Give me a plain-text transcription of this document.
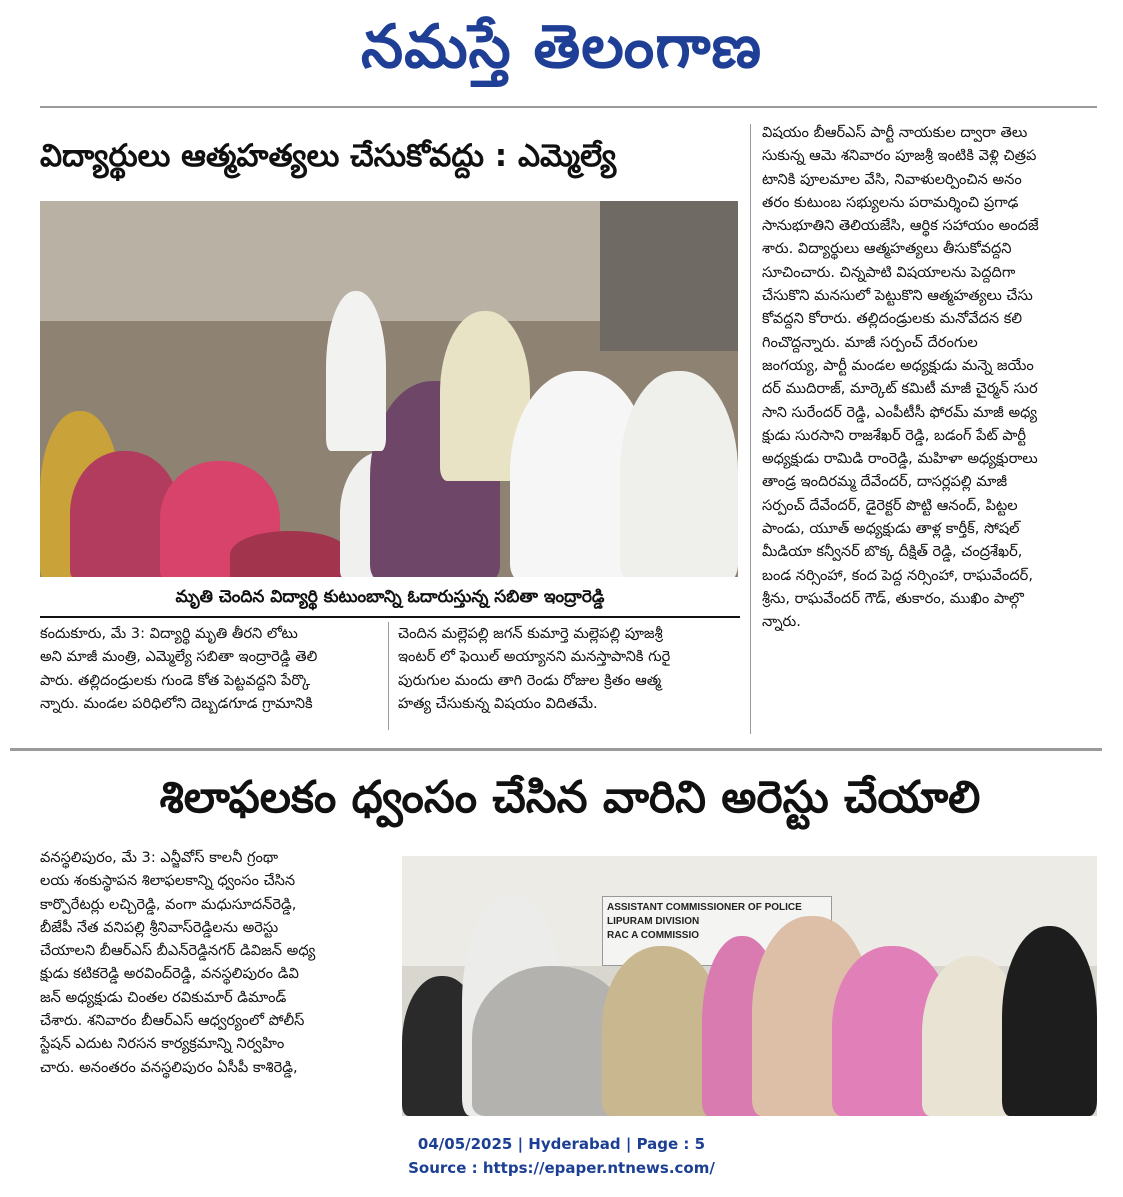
నమస్తే తెలంగాణ
విద్యార్థులు ఆత్మహత్యలు చేసుకోవద్దు : ఎమ్మెల్యే
మృతి చెందిన విద్యార్థి కుటుంబాన్ని ఓదారుస్తున్న సబితా ఇంద్రారెడ్డి
కందుకూరు, మే 3: విద్యార్థి మృతి తీరని లోటు
అని మాజీ మంత్రి, ఎమ్మెల్యే సబితా ఇంద్రారెడ్డి తెలి
పారు. తల్లిదండ్రులకు గుండె కోత పెట్టవద్దని పేర్కొ
న్నారు. మండల పరిధిలోని దెబ్బడగూడ గ్రామానికి
చెందిన మల్లెపల్లి జగన్ కుమార్తె మల్లెపల్లి పూజశ్రీ
ఇంటర్ లో ఫెయిల్ అయ్యానని మనస్తాపానికి గురై
పురుగుల మందు తాగి రెండు రోజుల క్రితం ఆత్మ
హత్య చేసుకున్న విషయం విదితమే.
విషయం బీఆర్ఎస్ పార్టీ నాయకుల ద్వారా తెలు
సుకున్న ఆమె శనివారం పూజశ్రీ ఇంటికి వెళ్లి చిత్రప
టానికి పూలమాల వేసి, నివాళులర్పించిన అనం
తరం కుటుంబ సభ్యులను పరామర్శించి ప్రగాఢ
సానుభూతిని తెలియజేసి, ఆర్థిక సహాయం అందజే
శారు. విద్యార్థులు ఆత్మహత్యలు తీసుకోవద్దని
సూచించారు. చిన్నపాటి విషయాలను పెద్దదిగా
చేసుకొని మనసులో పెట్టుకొని ఆత్మహత్యలు చేసు
కోవద్దని కోరారు. తల్లిదండ్రులకు మనోవేదన కలి
గించొద్దన్నారు. మాజీ సర్పంచ్ దేరంగుల
జంగయ్య, పార్టీ మండల అధ్యక్షుడు మన్నె జయేం
దర్ ముదిరాజ్, మార్కెట్ కమిటీ మాజీ చైర్మన్ సుర
సాని సురేందర్ రెడ్డి, ఎంపీటీసీ ఫోరమ్ మాజీ అధ్య
క్షుడు సురసాని రాజశేఖర్ రెడ్డి, బడంగ్ పేట్ పార్టీ
అధ్యక్షుడు రామిడి రాంరెడ్డి, మహిళా అధ్యక్షురాలు
తాండ్ర ఇందిరమ్మ దేవేందర్, దాసర్లపల్లి మాజీ
సర్పంచ్ దేవేందర్, డైరెక్టర్ పొట్టి ఆనంద్, పిట్టల
పాండు, యూత్ అధ్యక్షుడు తాళ్ల కార్తీక్, సోషల్
మీడియా కన్వీనర్ బొక్క దీక్షిత్ రెడ్డి, చంద్రశేఖర్,
బండ నర్సింహా, కంద పెద్ద నర్సింహా, రాఘవేందర్,
శ్రీను, రాఘవేందర్ గౌడ్, తుకారం, ముఖిం పాల్గొ
న్నారు.
శిలాఫలకం ధ్వంసం చేసిన వారిని అరెస్టు చేయాలి
వనస్థలిపురం, మే 3: ఎన్జీవోస్ కాలనీ గ్రంథా
లయ శంకుస్థాపన శిలాఫలకాన్ని ధ్వంసం చేసిన
కార్పొరేటర్లు లచ్చిరెడ్డి, వంగా మధుసూదన్‌రెడ్డి,
బీజేపీ నేత వనిపల్లి శ్రీనివాస్‌రెడ్డిలను అరెస్టు
చేయాలని బీఆర్ఎస్ బీఎన్‌రెడ్డినగర్ డివిజన్ అధ్య
క్షుడు కటికరెడ్డి అరవింద్‌రెడ్డి, వనస్థలిపురం డివి
జన్ అధ్యక్షుడు చింతల రవికుమార్ డిమాండ్
చేశారు. శనివారం బీఆర్ఎస్ ఆధ్వర్యంలో పోలీస్
స్టేషన్ ఎదుట నిరసన కార్యక్రమాన్ని నిర్వహిం
చారు. అనంతరం వనస్థలిపురం ఏసీపీ కాశిరెడ్డి,
ASSISTANT COMMISSIONER OF POLICE
LIPURAM DIVISION
RAC A COMMISSIO
04/05/2025 | Hyderabad | Page : 5
Source : https://epaper.ntnews.com/
